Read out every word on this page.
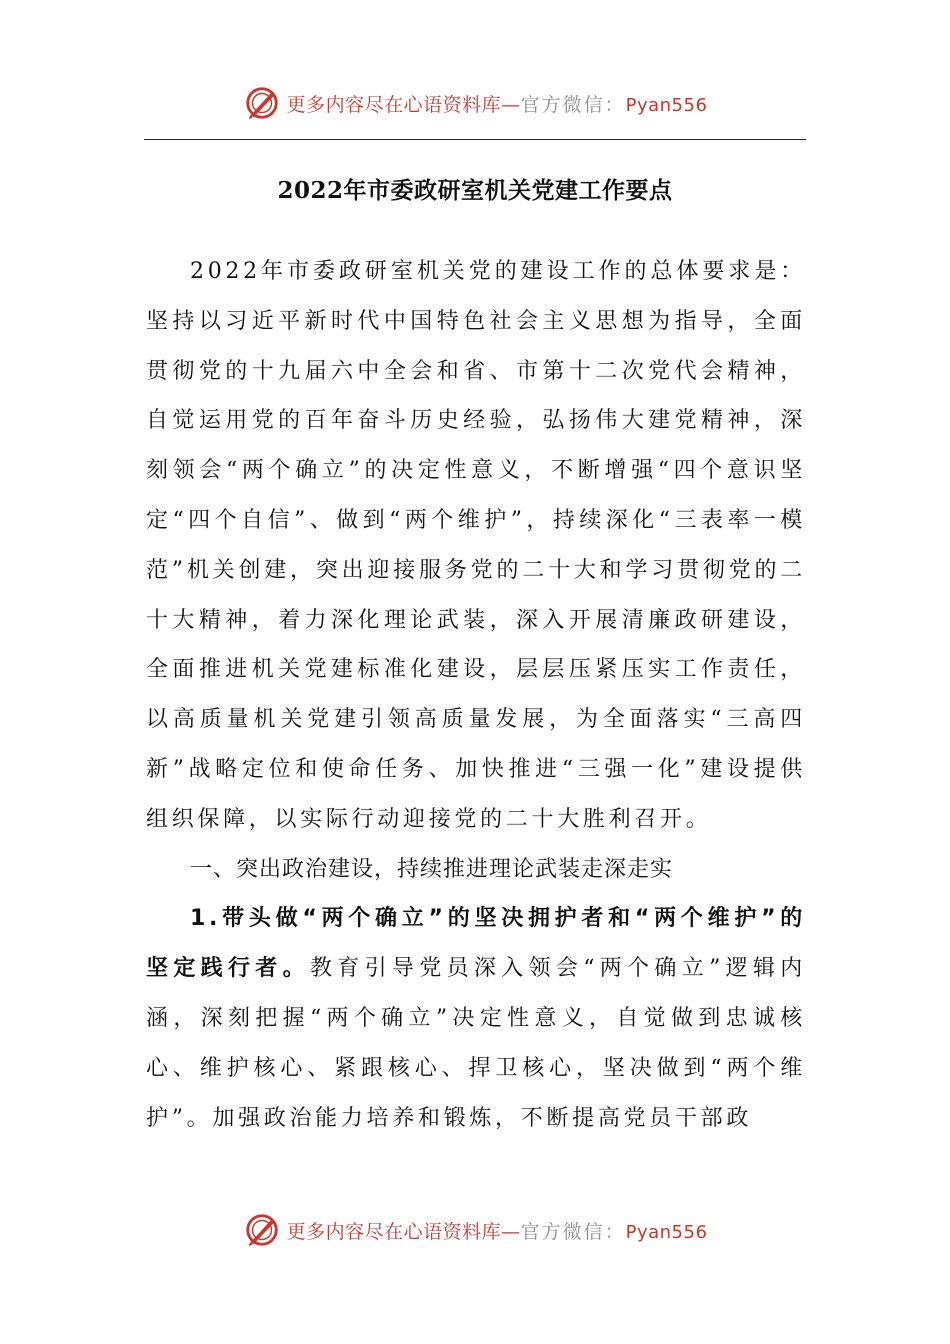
更多内容尽在心语资料库—官方微信：Pyan556
2022年市委政研室机关党建工作要点

2022年市委政研室机关党的建设工作的总体要求是：坚持以习近平新时代中国特色社会主义思想为指导，全面贯彻党的十九届六中全会和省、市第十二次党代会精神，自觉运用党的百年奋斗历史经验，弘扬伟大建党精神，深刻领会“两个确立”的决定性意义，不断增强“四个意识坚定“四个自信”、做到“两个维护”，持续深化“三表率一模范”机关创建，突出迎接服务党的二十大和学习贯彻党的二十大精神，着力深化理论武装，深入开展清廉政研建设，全面推进机关党建标准化建设，层层压紧压实工作责任，以高质量机关党建引领高质量发展，为全面落实“三高四新”战略定位和使命任务、加快推进“三强一化”建设提供组织保障，以实际行动迎接党的二十大胜利召开。

一、突出政治建设，持续推进理论武装走深走实

1.带头做“两个确立”的坚决拥护者和“两个维护”的坚定践行者。教育引导党员深入领会“两个确立”逻辑内涵，深刻把握“两个确立”决定性意义，自觉做到忠诚核心、维护核心、紧跟核心、捍卫核心，坚决做到“两个维护”。加强政治能力培养和锻炼，不断提高党员干部政

更多内容尽在心语资料库—官方微信：Pyan556
